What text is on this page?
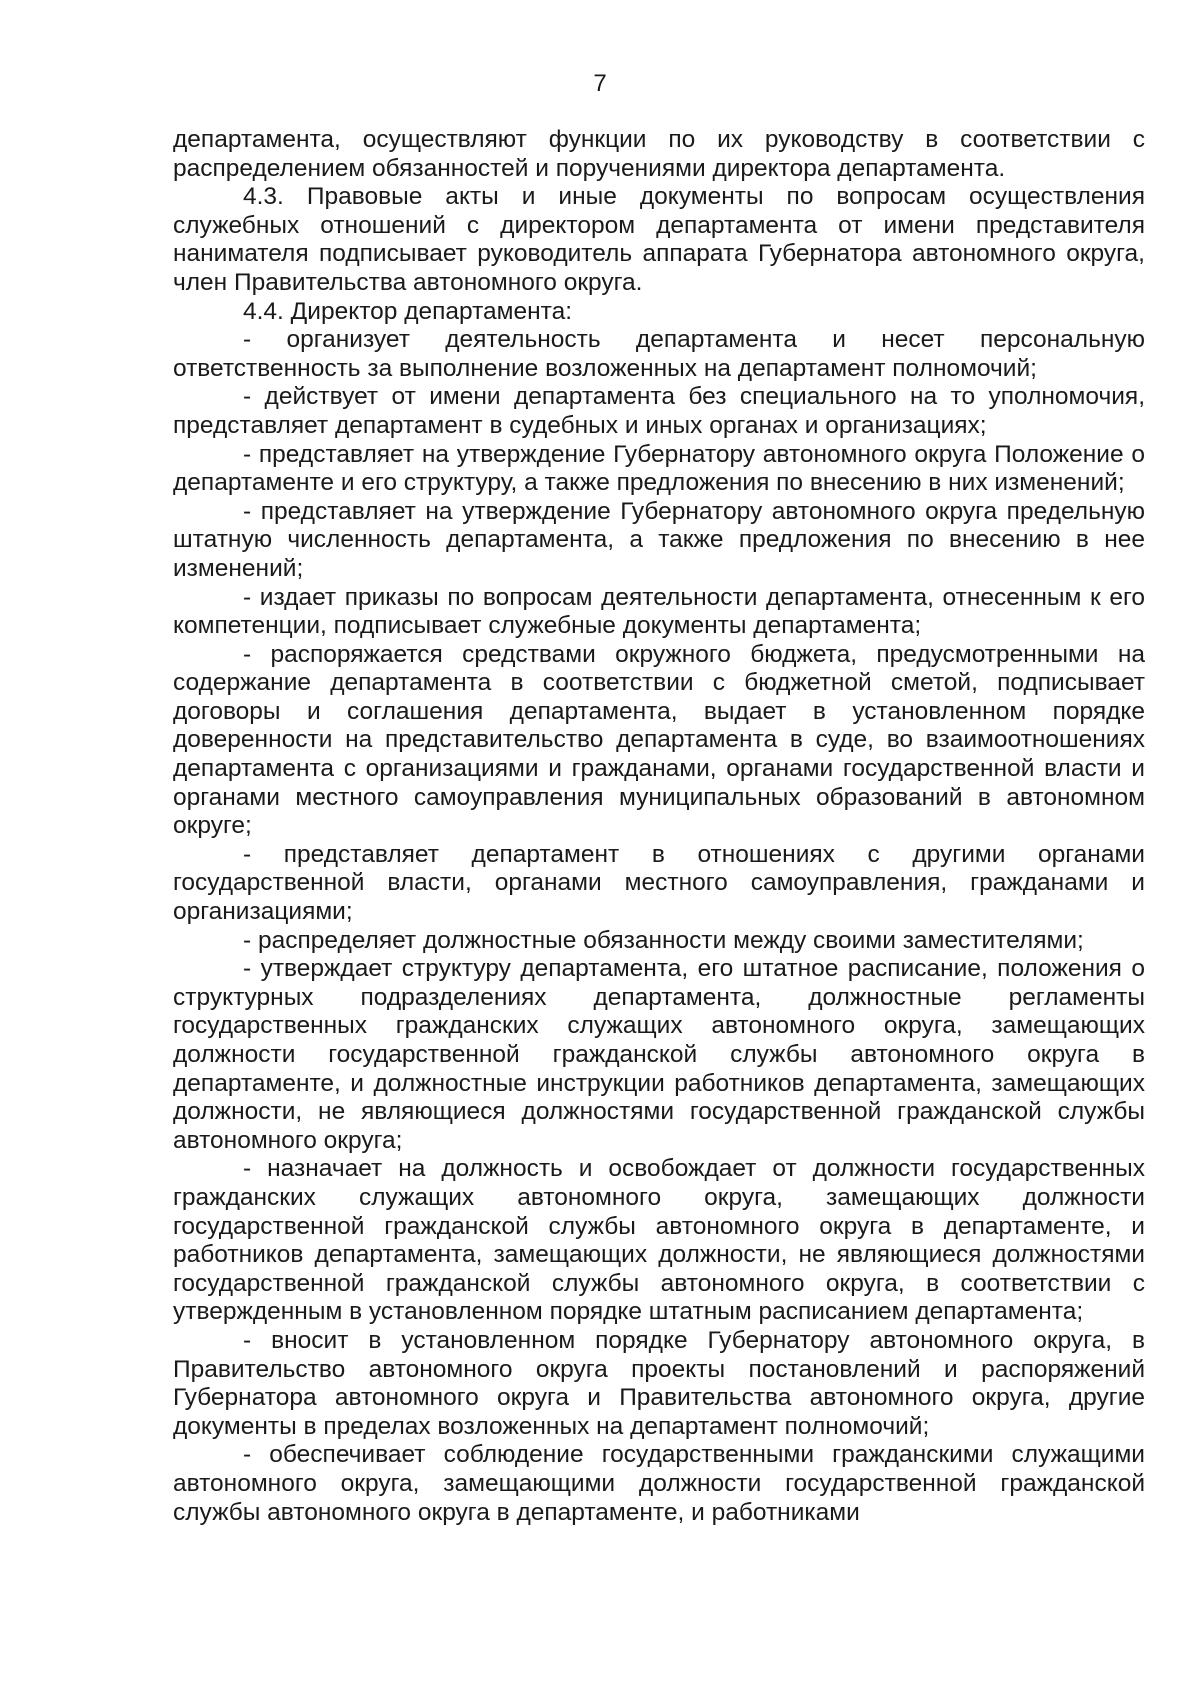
7

департамента, осуществляют функции по их руководству в соответствии с распределением обязанностей и поручениями директора департамента.

4.3. Правовые акты и иные документы по вопросам осуществления служебных отношений с директором департамента от имени представителя нанимателя подписывает руководитель аппарата Губернатора автономного округа, член Правительства автономного округа.

4.4. Директор департамента:

- организует деятельность департамента и несет персональную ответственность за выполнение возложенных на департамент полномочий;

- действует от имени департамента без специального на то уполномочия, представляет департамент в судебных и иных органах и организациях;

- представляет на утверждение Губернатору автономного округа Положение о департаменте и его структуру, а также предложения по внесению в них изменений;

- представляет на утверждение Губернатору автономного округа предельную штатную численность департамента, а также предложения по внесению в нее изменений;

- издает приказы по вопросам деятельности департамента, отнесенным к его компетенции, подписывает служебные документы департамента;

- распоряжается средствами окружного бюджета, предусмотренными на содержание департамента в соответствии с бюджетной сметой, подписывает договоры и соглашения департамента, выдает в установленном порядке доверенности на представительство департамента в суде, во взаимоотношениях департамента с организациями и гражданами, органами государственной власти и органами местного самоуправления муниципальных образований в автономном округе;

- представляет департамент в отношениях с другими органами государственной власти, органами местного самоуправления, гражданами и организациями;

- распределяет должностные обязанности между своими заместителями;

- утверждает структуру департамента, его штатное расписание, положения о структурных подразделениях департамента, должностные регламенты государственных гражданских служащих автономного округа, замещающих должности государственной гражданской службы автономного округа в департаменте, и должностные инструкции работников департамента, замещающих должности, не являющиеся должностями государственной гражданской службы автономного округа;

- назначает на должность и освобождает от должности государственных гражданских служащих автономного округа, замещающих должности государственной гражданской службы автономного округа в департаменте, и работников департамента, замещающих должности, не являющиеся должностями государственной гражданской службы автономного округа, в соответствии с утвержденным в установленном порядке штатным расписанием департамента;

- вносит в установленном порядке Губернатору автономного округа, в Правительство автономного округа проекты постановлений и распоряжений Губернатора автономного округа и Правительства автономного округа, другие документы в пределах возложенных на департамент полномочий;

- обеспечивает соблюдение государственными гражданскими служащими автономного округа, замещающими должности государственной гражданской службы автономного округа в департаменте, и работниками
